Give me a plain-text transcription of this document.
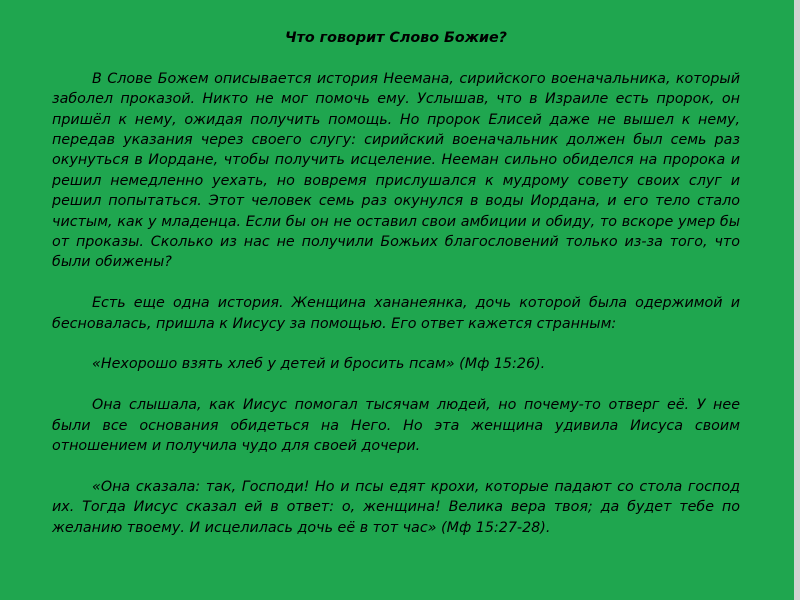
Что говорит Слово Божие?
В Слове Божем описывается история Неемана, сирийского военачальника, который заболел проказой. Никто не мог помочь ему. Услышав, что в Израиле есть пророк, он пришёл к нему, ожидая получить помощь. Но пророк Елисей даже не вышел к нему, передав указания через своего слугу: сирийский военачальник должен был семь раз окунуться в Иордане, чтобы получить исцеление. Нееман сильно обиделся на пророка и решил немедленно уехать, но вовремя прислушался к мудрому совету своих слуг и решил попытаться. Этот человек семь раз окунулся в воды Иордана, и его тело стало чистым, как у младенца. Если бы он не оставил свои амбиции и обиду, то вскоре умер бы от проказы. Сколько из нас не получили Божьих благословений только из-за того, что были обижены?
Есть еще одна история. Женщина хананеянка, дочь которой была одержимой и бесновалась, пришла к Иисусу за помощью. Его ответ кажется странным:
«Нехорошо взять хлеб у детей и бросить псам» (Мф 15:26).
Она слышала, как Иисус помогал тысячам людей, но почему-то отверг её. У нее были все основания обидеться на Него. Но эта женщина удивила Иисуса своим отношением и получила чудо для своей дочери.
«Она сказала: так, Господи! Но и псы едят крохи, которые падают со стола господ их. Тогда Иисус сказал ей в ответ: о, женщина! Велика вера твоя; да будет тебе по желанию твоему. И исцелилась дочь её в тот час» (Мф 15:27-28).
